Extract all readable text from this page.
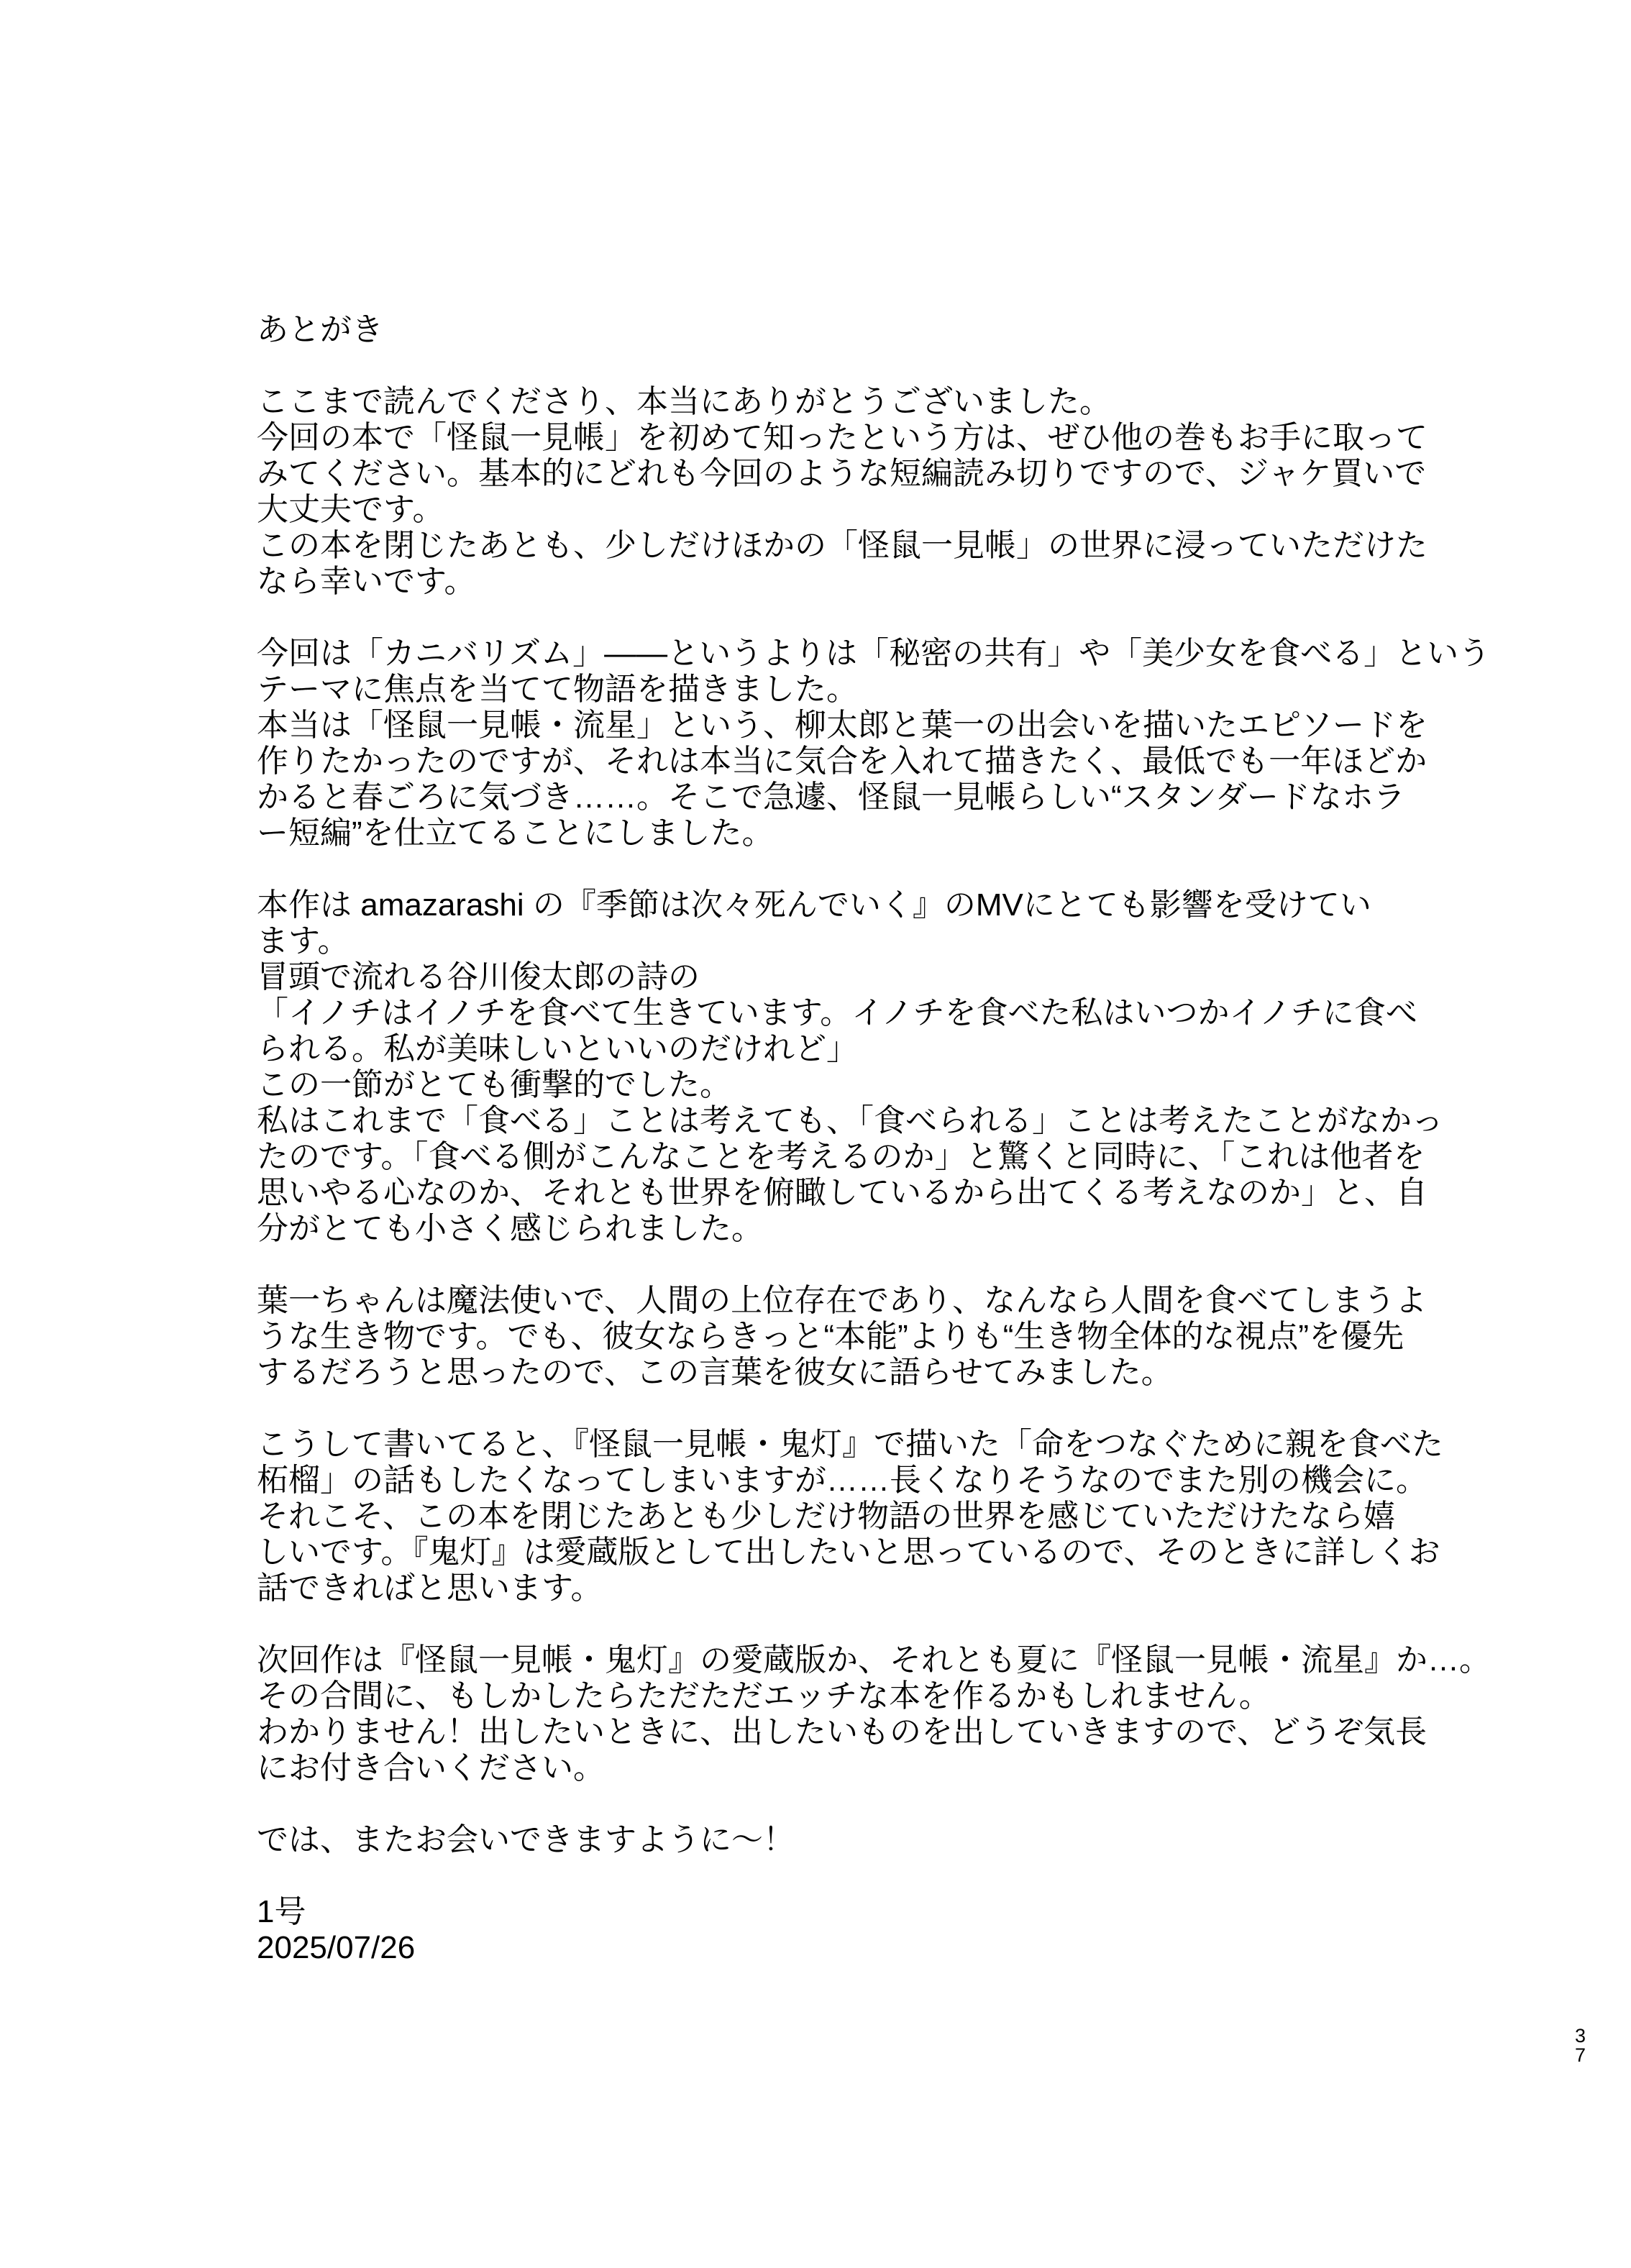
あとがき
ここまで読んでくださり、本当にありがとうございました。
今回の本で「怪鼠一見帳」を初めて知ったという方は、ぜひ他の巻もお手に取って
みてください。基本的にどれも今回のような短編読み切りですので、ジャケ買いで
大丈夫です。
この本を閉じたあとも、少しだけほかの「怪鼠一見帳」の世界に浸っていただけた
なら幸いです。
今回は「カニバリズム」――というよりは「秘密の共有」や「美少女を食べる」という
テーマに焦点を当てて物語を描きました。
本当は「怪鼠一見帳・流星」という、柳太郎と葉一の出会いを描いたエピソードを
作りたかったのですが、それは本当に気合を入れて描きたく、最低でも一年ほどか
かると春ごろに気づき……。そこで急遽、怪鼠一見帳らしい“スタンダードなホラ
ー短編”を仕立てることにしました。
本作は amazarashi の『季節は次々死んでいく』のMVにとても影響を受けてい
ます。
冒頭で流れる谷川俊太郎の詩の
「イノチはイノチを食べて生きています。イノチを食べた私はいつかイノチに食べ
られる。私が美味しいといいのだけれど」
この一節がとても衝撃的でした。
私はこれまで「食べる」ことは考えても、「食べられる」ことは考えたことがなかっ
たのです。「食べる側がこんなことを考えるのか」と驚くと同時に、「これは他者を
思いやる心なのか、それとも世界を俯瞰しているから出てくる考えなのか」と、自
分がとても小さく感じられました。
葉一ちゃんは魔法使いで、人間の上位存在であり、なんなら人間を食べてしまうよ
うな生き物です。でも、彼女ならきっと“本能”よりも“生き物全体的な視点”を優先
するだろうと思ったので、この言葉を彼女に語らせてみました。
こうして書いてると、『怪鼠一見帳・鬼灯』で描いた「命をつなぐために親を食べた
柘榴」の話もしたくなってしまいますが……長くなりそうなのでまた別の機会に。
それこそ、この本を閉じたあとも少しだけ物語の世界を感じていただけたなら嬉
しいです。『鬼灯』は愛蔵版として出したいと思っているので、そのときに詳しくお
話できればと思います。
次回作は『怪鼠一見帳・鬼灯』の愛蔵版か、それとも夏に『怪鼠一見帳・流星』か…。
その合間に、もしかしたらただただエッチな本を作るかもしれません。
わかりません！出したいときに、出したいものを出していきますので、どうぞ気長
にお付き合いください。
では、またお会いできますように〜！
1号
2025/07/26
37
